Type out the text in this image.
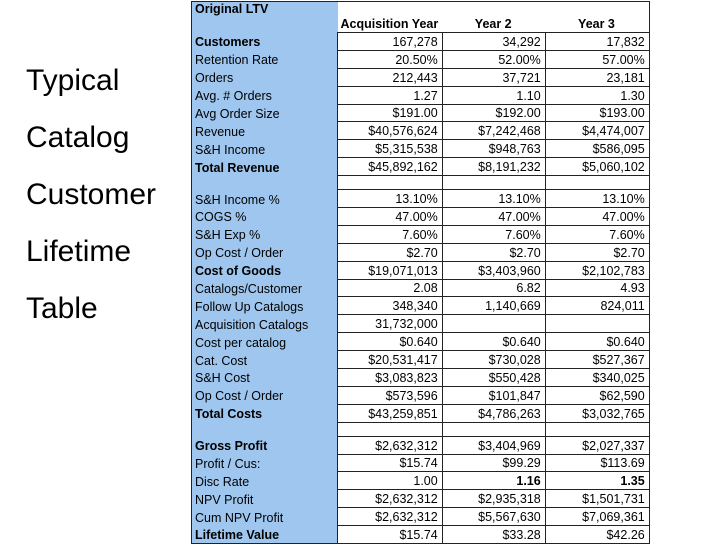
Typical
Catalog
Customer
Lifetime
Table
Original LTV	Acquisition Year	Year 2	Year 3
Customers	167,278	34,292	17,832
Retention Rate	20.50%	52.00%	57.00%
Orders	212,443	37,721	23,181
Avg. # Orders	1.27	1.10	1.30
Avg Order Size	$191.00	$192.00	$193.00
Revenue	$40,576,624	$7,242,468	$4,474,007
S&H Income	$5,315,538	$948,763	$586,095
Total Revenue	$45,892,162	$8,191,232	$5,060,102

S&H Income %	13.10%	13.10%	13.10%
COGS %	47.00%	47.00%	47.00%
S&H Exp %	7.60%	7.60%	7.60%
Op Cost / Order	$2.70	$2.70	$2.70
Cost of Goods	$19,071,013	$3,403,960	$2,102,783
Catalogs/Customer	2.08	6.82	4.93
Follow Up Catalogs	348,340	1,140,669	824,011
Acquisition Catalogs	31,732,000		
Cost per catalog	$0.640	$0.640	$0.640
Cat. Cost	$20,531,417	$730,028	$527,367
S&H Cost	$3,083,823	$550,428	$340,025
Op Cost / Order	$573,596	$101,847	$62,590
Total Costs	$43,259,851	$4,786,263	$3,032,765

Gross Profit	$2,632,312	$3,404,969	$2,027,337
Profit / Cus:	$15.74	$99.29	$113.69
Disc Rate	1.00	1.16	1.35
NPV Profit	$2,632,312	$2,935,318	$1,501,731
Cum NPV Profit	$2,632,312	$5,567,630	$7,069,361
Lifetime Value	$15.74	$33.28	$42.26
